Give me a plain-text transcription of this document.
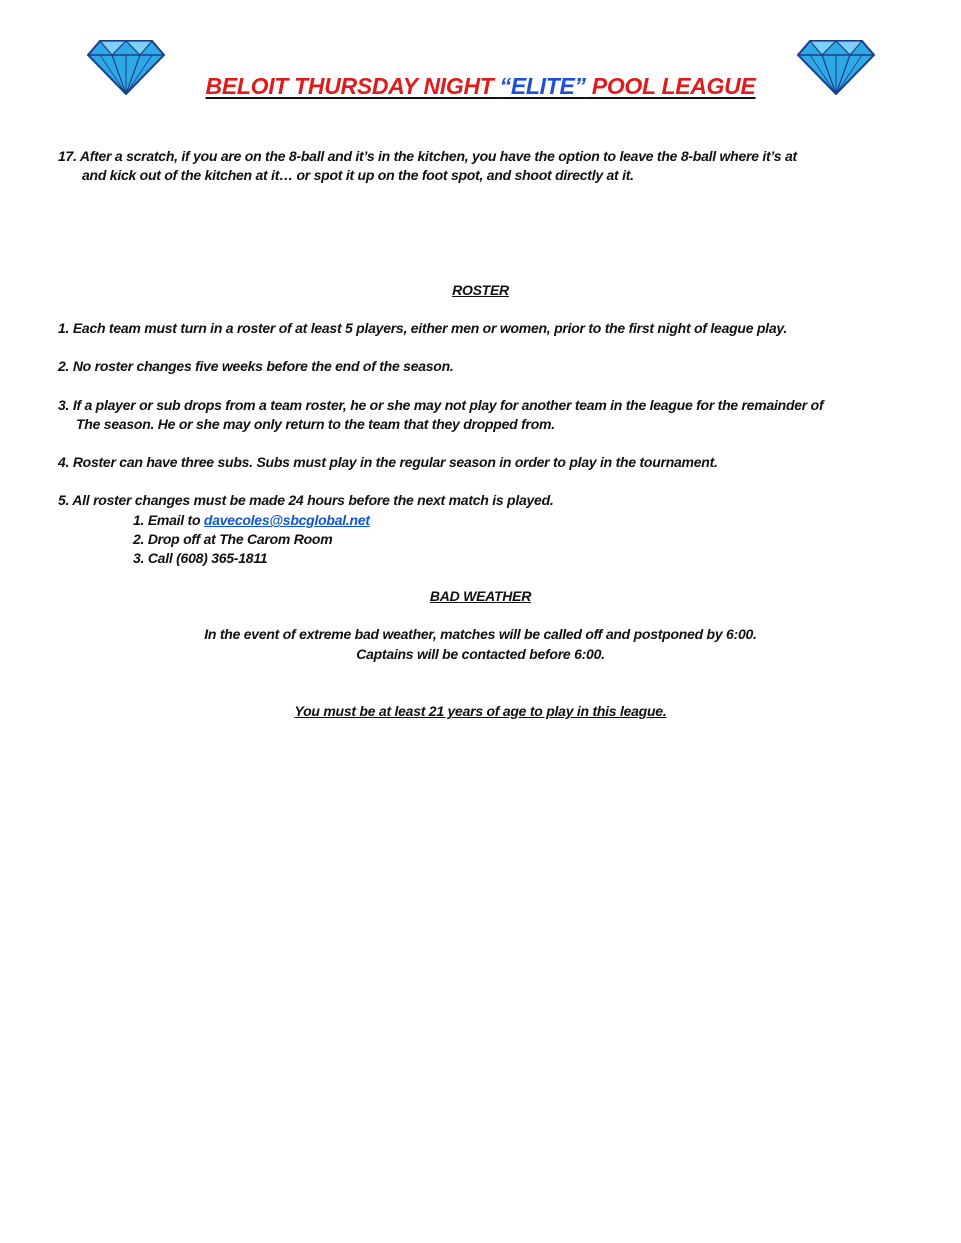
BELOIT THURSDAY NIGHT “ELITE” POOL LEAGUE
17. After a scratch, if you are on the 8-ball and it’s in the kitchen, you have the option to leave the 8-ball where it’s at
and kick out of the kitchen at it… or spot it up on the foot spot, and shoot directly at it.
ROSTER
1. Each team must turn in a roster of at least 5 players, either men or women, prior to the first night of league play.
2. No roster changes five weeks before the end of the season.
3. If a player or sub drops from a team roster, he or she may not play for another team in the league for the remainder of
The season. He or she may only return to the team that they dropped from.
4. Roster can have three subs. Subs must play in the regular season in order to play in the tournament.
5. All roster changes must be made 24 hours before the next match is played.
1. Email to davecoles@sbcglobal.net
2. Drop off at The Carom Room
3. Call (608) 365-1811
BAD WEATHER
In the event of extreme bad weather, matches will be called off and postponed by 6:00.
Captains will be contacted before 6:00.
You must be at least 21 years of age to play in this league.
